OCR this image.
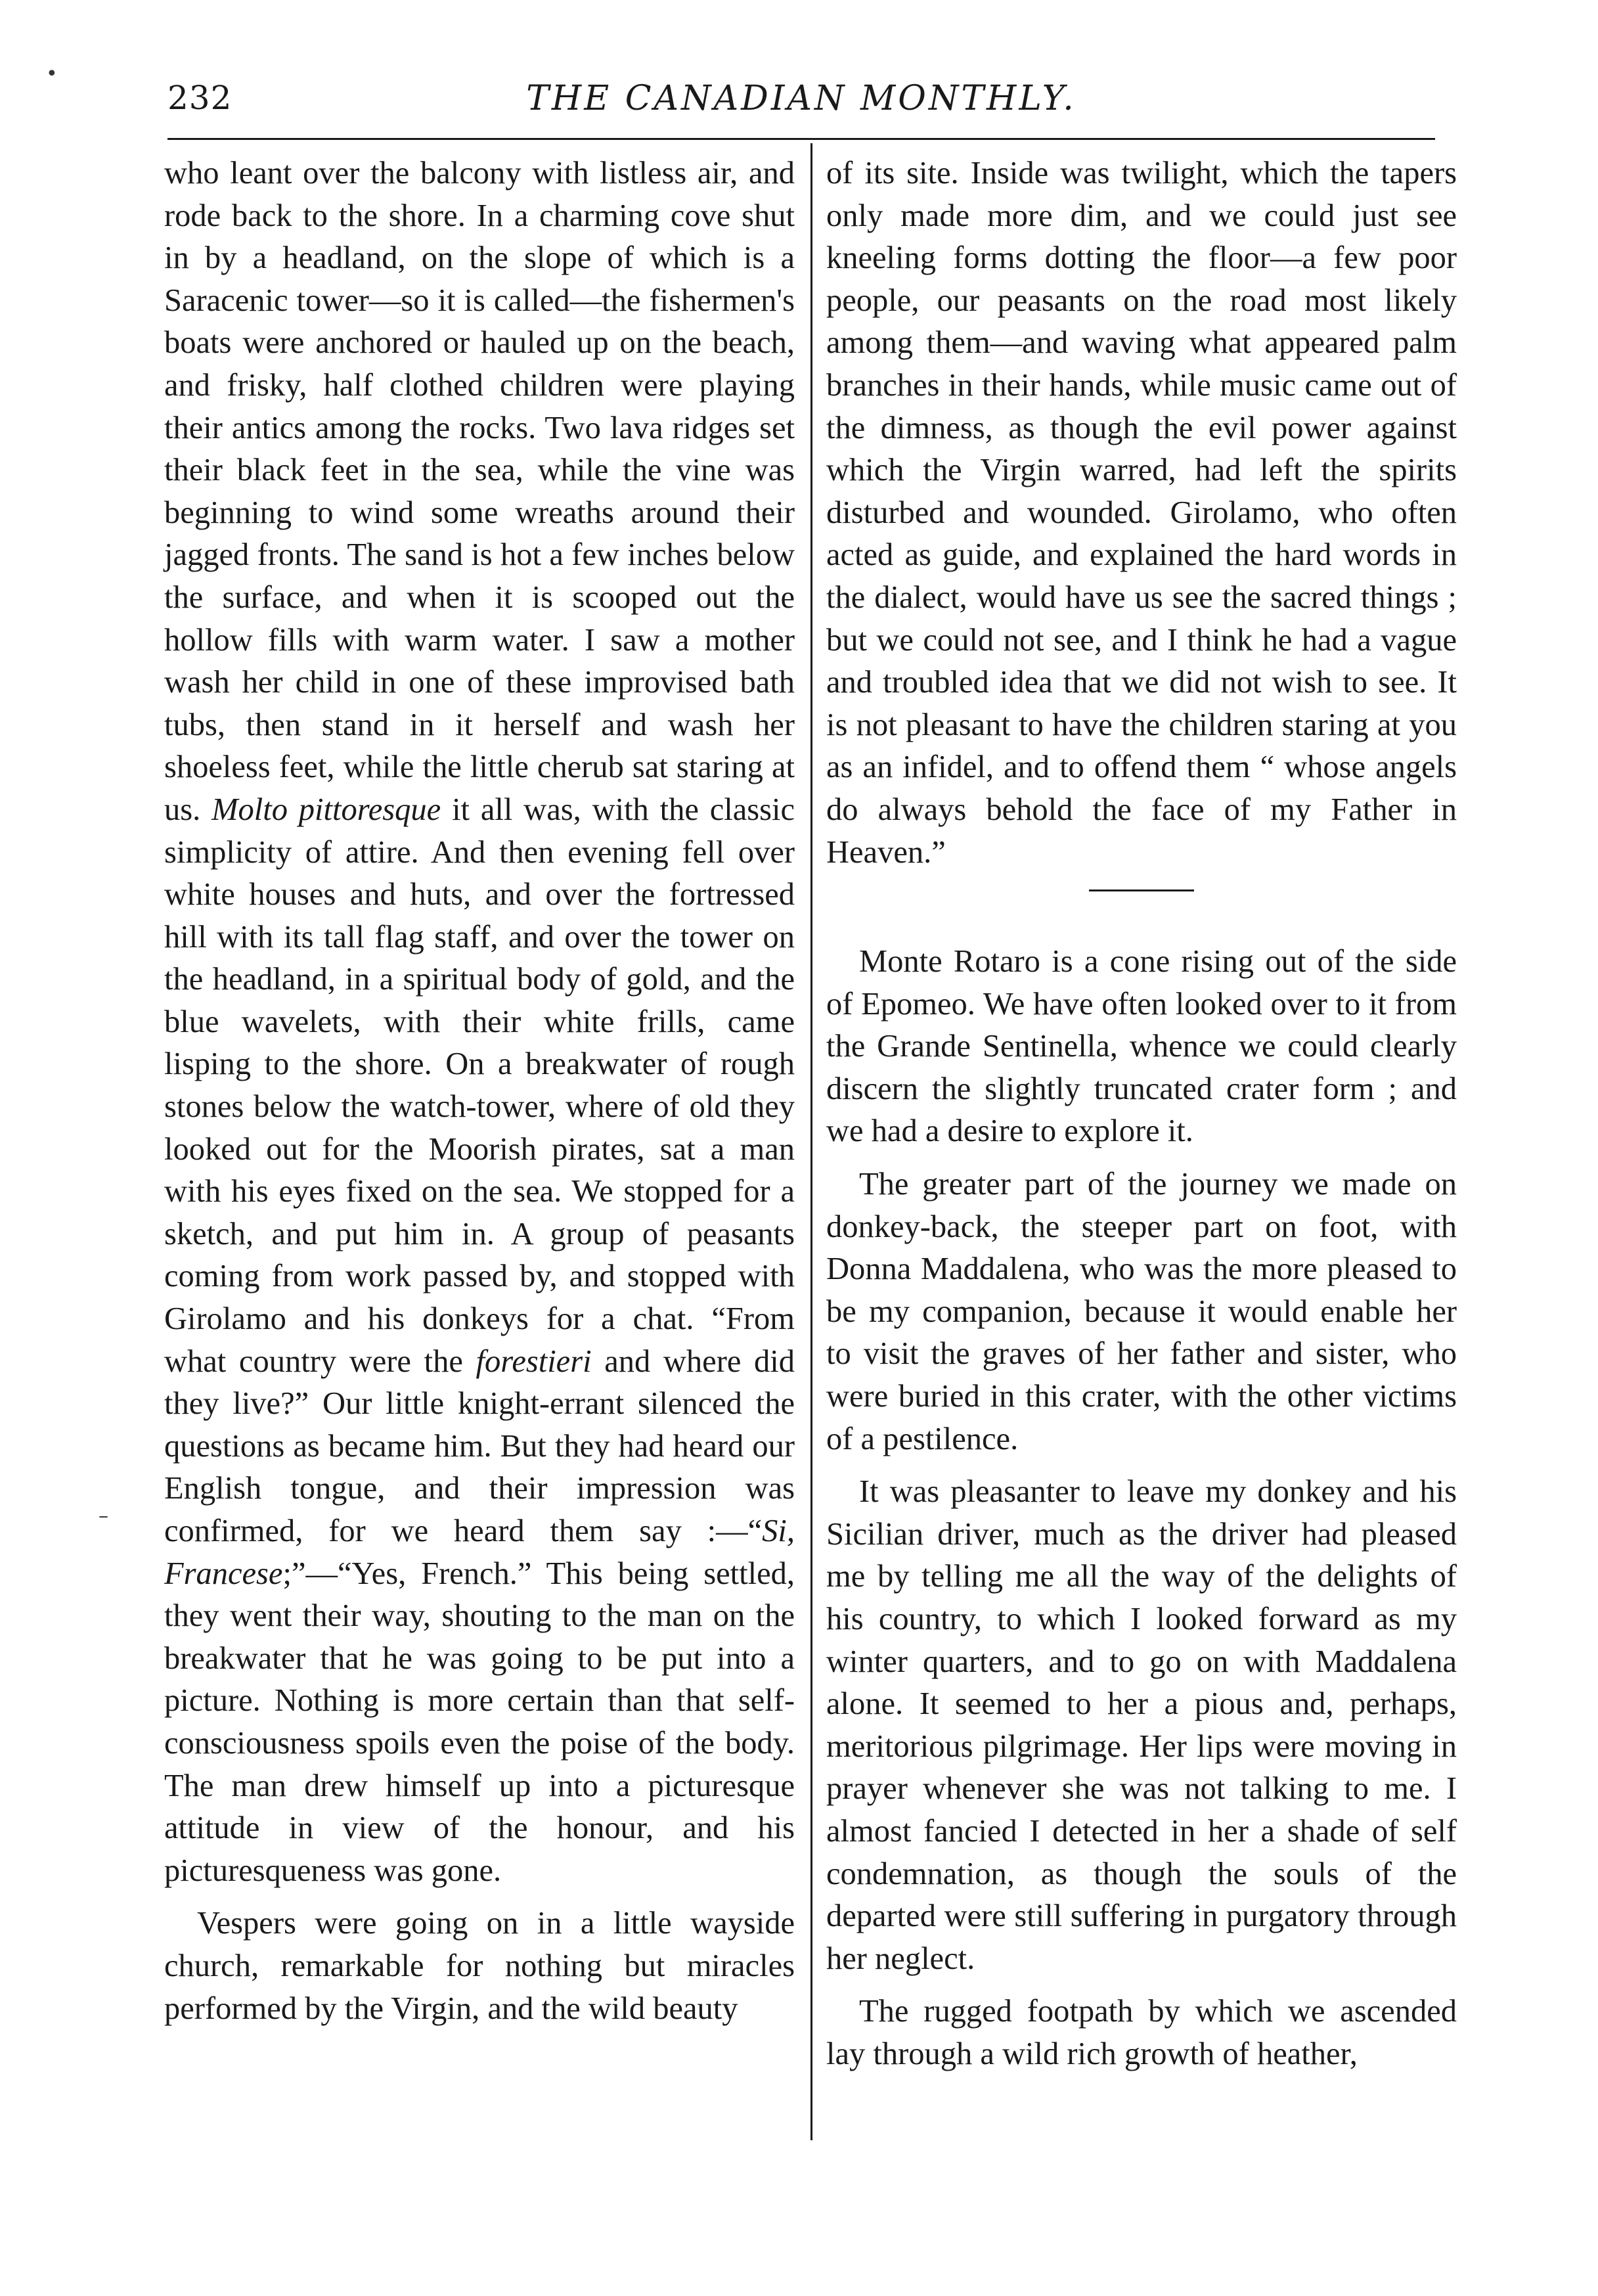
232	THE CANADIAN MONTHLY.

who leant over the balcony with listless air, and rode back to the shore. In a charming cove shut in by a headland, on the slope of which is a Saracenic tower—so it is called—the fishermen's boats were anchored or hauled up on the beach, and frisky, half clothed children were playing their antics among the rocks. Two lava ridges set their black feet in the sea, while the vine was beginning to wind some wreaths around their jagged fronts. The sand is hot a few inches below the surface, and when it is scooped out the hollow fills with warm water. I saw a mother wash her child in one of these improvised bath tubs, then stand in it herself and wash her shoeless feet, while the little cherub sat staring at us. Molto pittoresque it all was, with the classic simplicity of attire. And then evening fell over white houses and huts, and over the fortressed hill with its tall flag staff, and over the tower on the headland, in a spiritual body of gold, and the blue wavelets, with their white frills, came lisping to the shore. On a breakwater of rough stones below the watch-tower, where of old they looked out for the Moorish pirates, sat a man with his eyes fixed on the sea. We stopped for a sketch, and put him in. A group of peasants coming from work passed by, and stopped with Girolamo and his donkeys for a chat. “From what country were the forestieri and where did they live?” Our little knight-errant silenced the questions as became him. But they had heard our English tongue, and their impression was confirmed, for we heard them say :—“Si, Francese;”—“Yes, French.” This being settled, they went their way, shouting to the man on the breakwater that he was going to be put into a picture. Nothing is more certain than that self-consciousness spoils even the poise of the body. The man drew himself up into a picturesque attitude in view of the honour, and his picturesqueness was gone.

Vespers were going on in a little wayside church, remarkable for nothing but miracles performed by the Virgin, and the wild beauty

of its site. Inside was twilight, which the tapers only made more dim, and we could just see kneeling forms dotting the floor—a few poor people, our peasants on the road most likely among them—and waving what appeared palm branches in their hands, while music came out of the dimness, as though the evil power against which the Virgin warred, had left the spirits disturbed and wounded. Girolamo, who often acted as guide, and explained the hard words in the dialect, would have us see the sacred things ; but we could not see, and I think he had a vague and troubled idea that we did not wish to see. It is not pleasant to have the children staring at you as an infidel, and to offend them “ whose angels do always behold the face of my Father in Heaven.”

Monte Rotaro is a cone rising out of the side of Epomeo. We have often looked over to it from the Grande Sentinella, whence we could clearly discern the slightly truncated crater form ; and we had a desire to explore it.

The greater part of the journey we made on donkey-back, the steeper part on foot, with Donna Maddalena, who was the more pleased to be my companion, because it would enable her to visit the graves of her father and sister, who were buried in this crater, with the other victims of a pestilence.

It was pleasanter to leave my donkey and his Sicilian driver, much as the driver had pleased me by telling me all the way of the delights of his country, to which I looked forward as my winter quarters, and to go on with Maddalena alone. It seemed to her a pious and, perhaps, meritorious pilgrimage. Her lips were moving in prayer whenever she was not talking to me. I almost fancied I detected in her a shade of self condemnation, as though the souls of the departed were still suffering in purgatory through her neglect.

The rugged footpath by which we ascended lay through a wild rich growth of heather,

•
–
